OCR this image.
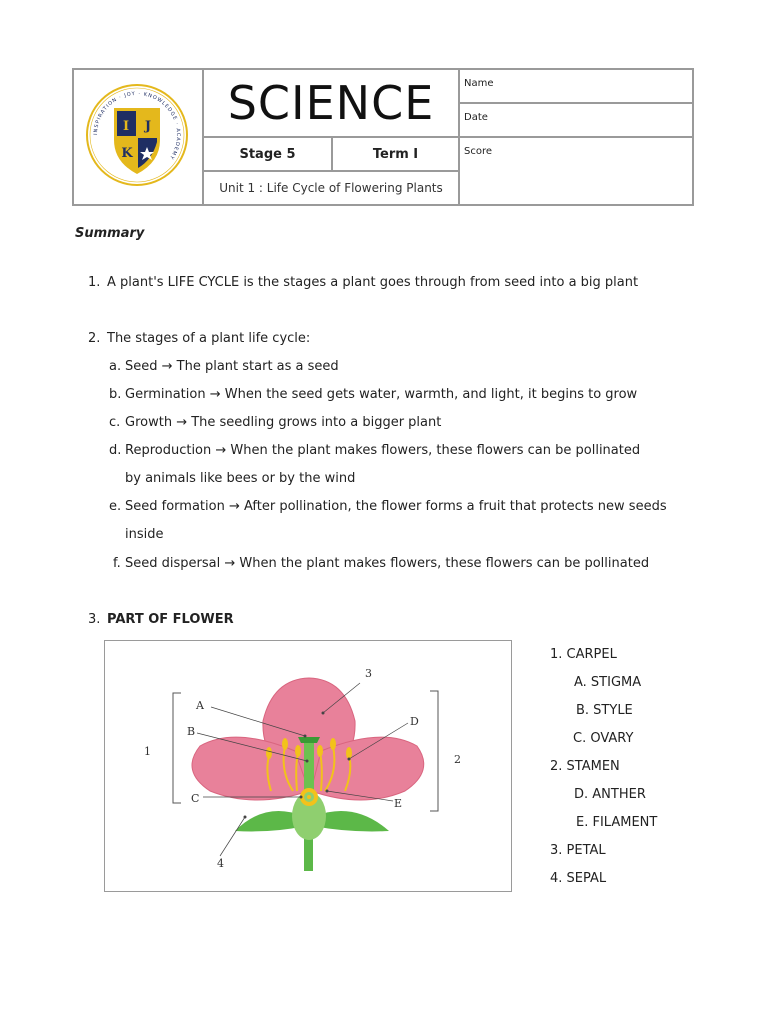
I J
K
INSPIRATION · JOY · KNOWLEDGE · ACADEMY
SCIENCE
Stage 5	Term I
Unit 1 : Life Cycle of Flowering Plants
Name
Date
Score
Summary
1. A plant's LIFE CYCLE is the stages a plant goes through from seed into a big plant
2. The stages of a plant life cycle:
a. Seed → The plant start as a seed
b. Germination → When the seed gets water, warmth, and light, it begins to grow
c. Growth → The seedling grows into a bigger plant
d. Reproduction → When the plant makes flowers, these flowers can be pollinated
by animals like bees or by the wind
e. Seed formation → After pollination, the flower forms a fruit that protects new seeds
inside
f. Seed dispersal → When the plant makes flowers, these flowers can be pollinated
3. PART OF FLOWER
A
B
C
D
E
1
2
3
4
1. CARPEL
A. STIGMA
B. STYLE
C. OVARY
2. STAMEN
D. ANTHER
E. FILAMENT
3. PETAL
4. SEPAL
